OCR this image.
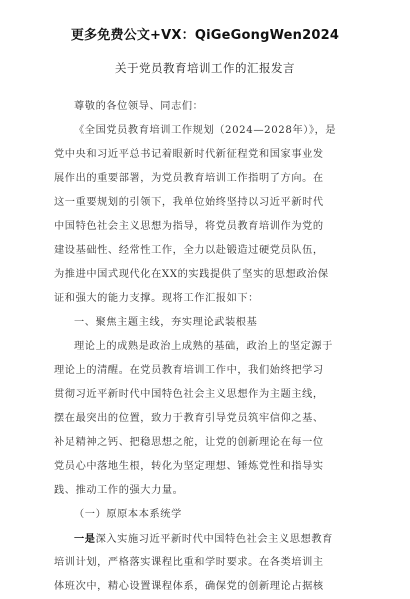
更多免费公文+VX：QiGeGongWen2024
关于党员教育培训工作的汇报发言
尊敬的各位领导、同志们：
《全国党员教育培训工作规划（2024—2028年）》，是
党中央和习近平总书记着眼新时代新征程党和国家事业发
展作出的重要部署，为党员教育培训工作指明了方向。在
这一重要规划的引领下，我单位始终坚持以习近平新时代
中国特色社会主义思想为指导，将党员教育培训作为党的
建设基础性、经常性工作，全力以赴锻造过硬党员队伍，
为推进中国式现代化在XX的实践提供了坚实的思想政治保
证和强大的能力支撑。现将工作汇报如下：
一、聚焦主题主线，夯实理论武装根基
理论上的成熟是政治上成熟的基础，政治上的坚定源于
理论上的清醒。在党员教育培训工作中，我们始终把学习
贯彻习近平新时代中国特色社会主义思想作为主题主线，
摆在最突出的位置，致力于教育引导党员筑牢信仰之基、
补足精神之钙、把稳思想之舵，让党的创新理论在每一位
党员心中落地生根，转化为坚定理想、锤炼党性和指导实
践、推动工作的强大力量。
（一）原原本本系统学
一是深入实施习近平新时代中国特色社会主义思想教育
培训计划，严格落实课程比重和学时要求。在各类培训主
体班次中，精心设置课程体系，确保党的创新理论占据核
